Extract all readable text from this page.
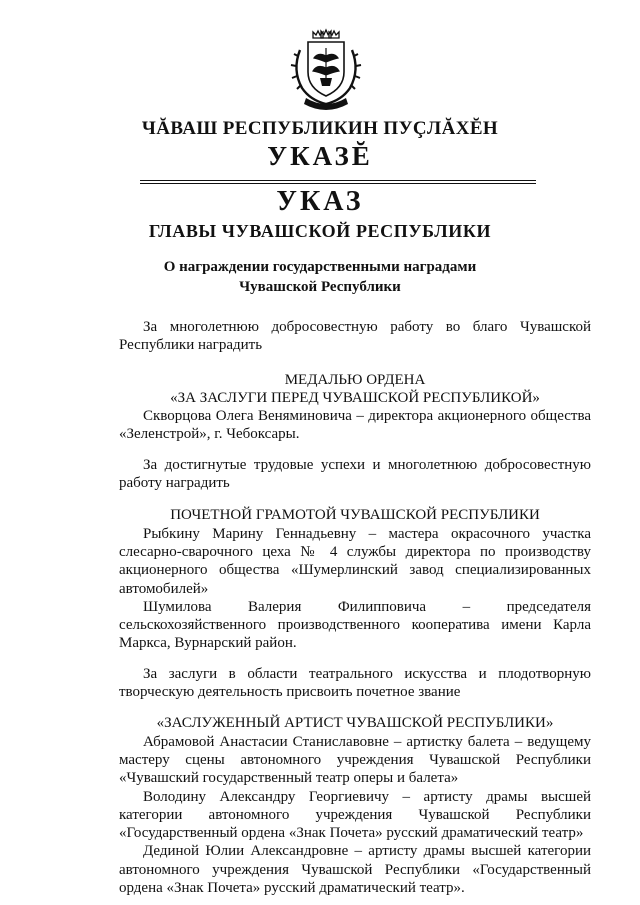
ЧĂВАШ РЕСПУБЛИКИН ПУÇЛĂХĔН
УКАЗĔ
УКАЗ
ГЛАВЫ ЧУВАШСКОЙ РЕСПУБЛИКИ
О награждении государственными наградами
Чувашской Республики

За многолетнюю добросовестную работу во благо Чувашской Республики наградить

МЕДАЛЬЮ ОРДЕНА

«ЗА ЗАСЛУГИ ПЕРЕД ЧУВАШСКОЙ РЕСПУБЛИКОЙ»

Скворцова Олега Веняминовича – директора акционерного общества «Зеленстрой», г. Чебоксары.

За достигнутые трудовые успехи и многолетнюю добросовестную работу наградить

ПОЧЕТНОЙ ГРАМОТОЙ ЧУВАШСКОЙ РЕСПУБЛИКИ

Рыбкину Марину Геннадьевну – мастера окрасочного участка слесарно-сварочного цеха № 4 службы директора по производству акционерного общества «Шумерлинский завод специализированных автомобилей»

Шумилова Валерия Филипповича – председателя сельскохозяйственного производственного кооператива имени Карла Маркса, Вурнарский район.

За заслуги в области театрального искусства и плодотворную творческую деятельность присвоить почетное звание

«ЗАСЛУЖЕННЫЙ АРТИСТ ЧУВАШСКОЙ РЕСПУБЛИКИ»

Абрамовой Анастасии Станиславовне – артистку балета – ведущему мастеру сцены автономного учреждения Чувашской Республики «Чувашский государственный театр оперы и балета»

Володину Александру Георгиевичу – артисту драмы высшей категории автономного учреждения Чувашской Республики «Государственный ордена «Знак Почета» русский драматический театр»

Дединой Юлии Александровне – артисту драмы высшей категории автономного учреждения Чувашской Республики «Государственный ордена «Знак Почета» русский драматический театр».
